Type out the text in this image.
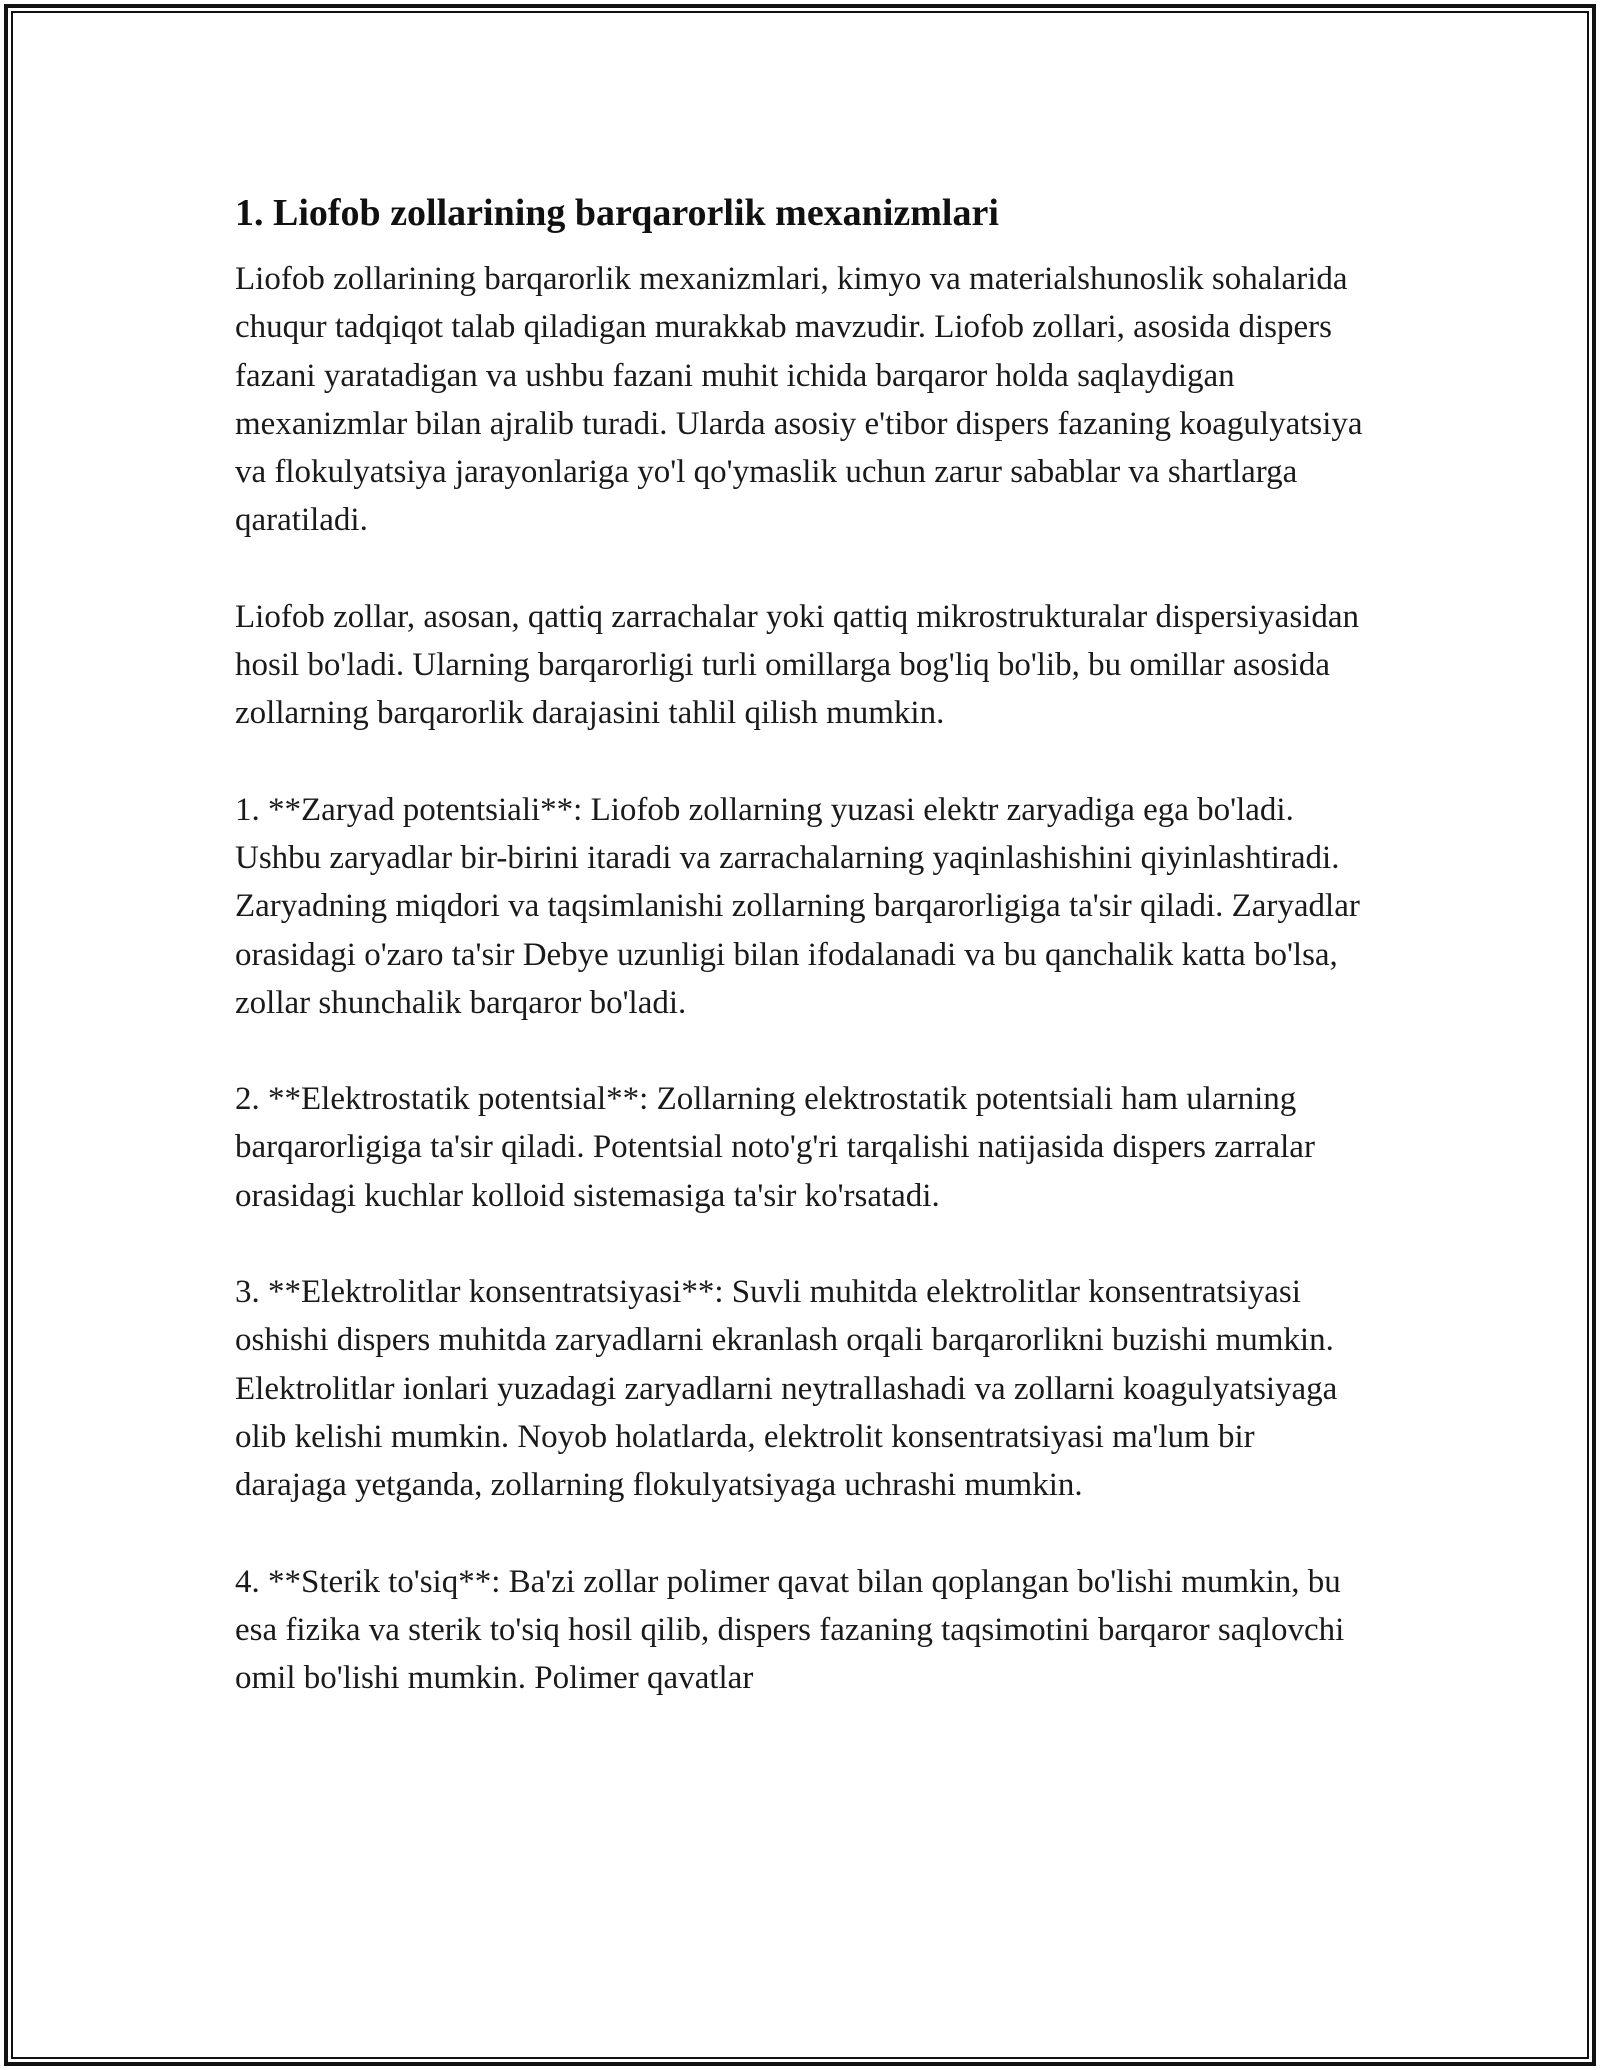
1. Liofob zollarining barqarorlik mexanizmlari

Liofob zollarining barqarorlik mexanizmlari, kimyo va materialshunoslik sohalarida chuqur tadqiqot talab qiladigan murakkab mavzudir. Liofob zollari, asosida dispers fazani yaratadigan va ushbu fazani muhit ichida barqaror holda saqlaydigan mexanizmlar bilan ajralib turadi. Ularda asosiy e'tibor dispers fazaning koagulyatsiya va flokulyatsiya jarayonlariga yo'l qo'ymaslik uchun zarur sabablar va shartlarga qaratiladi.

Liofob zollar, asosan, qattiq zarrachalar yoki qattiq mikrostrukturalar dispersiyasidan hosil bo'ladi. Ularning barqarorligi turli omillarga bog'liq bo'lib, bu omillar asosida zollarning barqarorlik darajasini tahlil qilish mumkin.

1. **Zaryad potentsiali**: Liofob zollarning yuzasi elektr zaryadiga ega bo'ladi. Ushbu zaryadlar bir-birini itaradi va zarrachalarning yaqinlashishini qiyinlashtiradi. Zaryadning miqdori va taqsimlanishi zollarning barqarorligiga ta'sir qiladi. Zaryadlar orasidagi o'zaro ta'sir Debye uzunligi bilan ifodalanadi va bu qanchalik katta bo'lsa, zollar shunchalik barqaror bo'ladi.

2. **Elektrostatik potentsial**: Zollarning elektrostatik potentsiali ham ularning barqarorligiga ta'sir qiladi. Potentsial noto'g'ri tarqalishi natijasida dispers zarralar orasidagi kuchlar kolloid sistemasiga ta'sir ko'rsatadi.

3. **Elektrolitlar konsentratsiyasi**: Suvli muhitda elektrolitlar konsentratsiyasi oshishi dispers muhitda zaryadlarni ekranlash orqali barqarorlikni buzishi mumkin. Elektrolitlar ionlari yuzadagi zaryadlarni neytrallashadi va zollarni koagulyatsiyaga olib kelishi mumkin. Noyob holatlarda, elektrolit konsentratsiyasi ma'lum bir darajaga yetganda, zollarning flokulyatsiyaga uchrashi mumkin.

4. **Sterik to'siq**: Ba'zi zollar polimer qavat bilan qoplangan bo'lishi mumkin, bu esa fizika va sterik to'siq hosil qilib, dispers fazaning taqsimotini barqaror saqlovchi omil bo'lishi mumkin. Polimer qavatlar
